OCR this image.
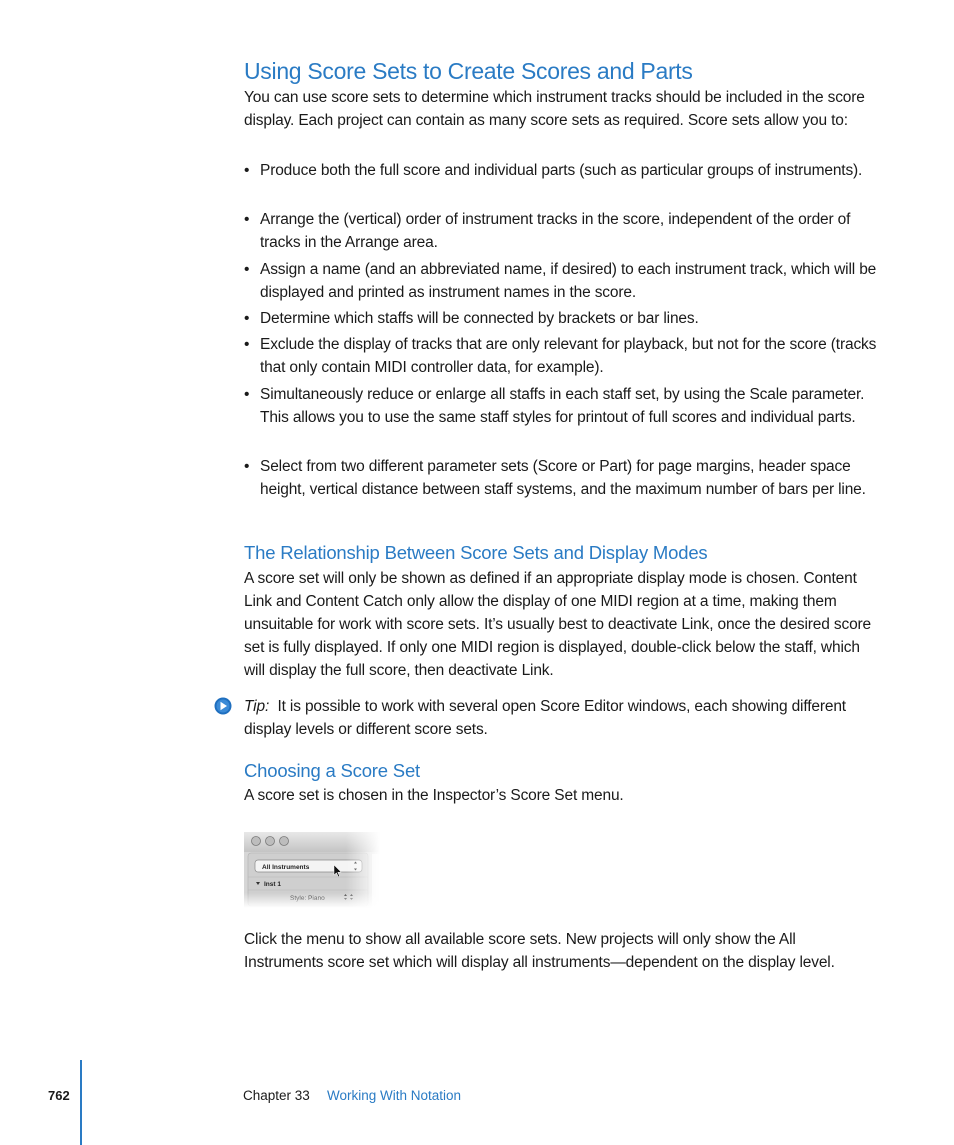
Using Score Sets to Create Scores and Parts

You can use score sets to determine which instrument tracks should be included in the score display. Each project can contain as many score sets as required. Score sets allow you to:

• Produce both the full score and individual parts (such as particular groups of instruments).
• Arrange the (vertical) order of instrument tracks in the score, independent of the order of tracks in the Arrange area.
• Assign a name (and an abbreviated name, if desired) to each instrument track, which will be displayed and printed as instrument names in the score.
• Determine which staffs will be connected by brackets or bar lines.
• Exclude the display of tracks that are only relevant for playback, but not for the score (tracks that only contain MIDI controller data, for example).
• Simultaneously reduce or enlarge all staffs in each staff set, by using the Scale parameter. This allows you to use the same staff styles for printout of full scores and individual parts.
• Select from two different parameter sets (Score or Part) for page margins, header space height, vertical distance between staff systems, and the maximum number of bars per line.
The Relationship Between Score Sets and Display Modes

A score set will only be shown as defined if an appropriate display mode is chosen. Content Link and Content Catch only allow the display of one MIDI region at a time, making them unsuitable for work with score sets. It’s usually best to deactivate Link, once the desired score set is fully displayed. If only one MIDI region is displayed, double-click below the staff, which will display the full score, then deactivate Link.

Tip: It is possible to work with several open Score Editor windows, each showing different display levels or different score sets.

Choosing a Score Set

A score set is chosen in the Inspector’s Score Set menu.

Click the menu to show all available score sets. New projects will only show the All Instruments score set which will display all instruments—dependent on the display level.

762	Chapter 33 Working With Notation
